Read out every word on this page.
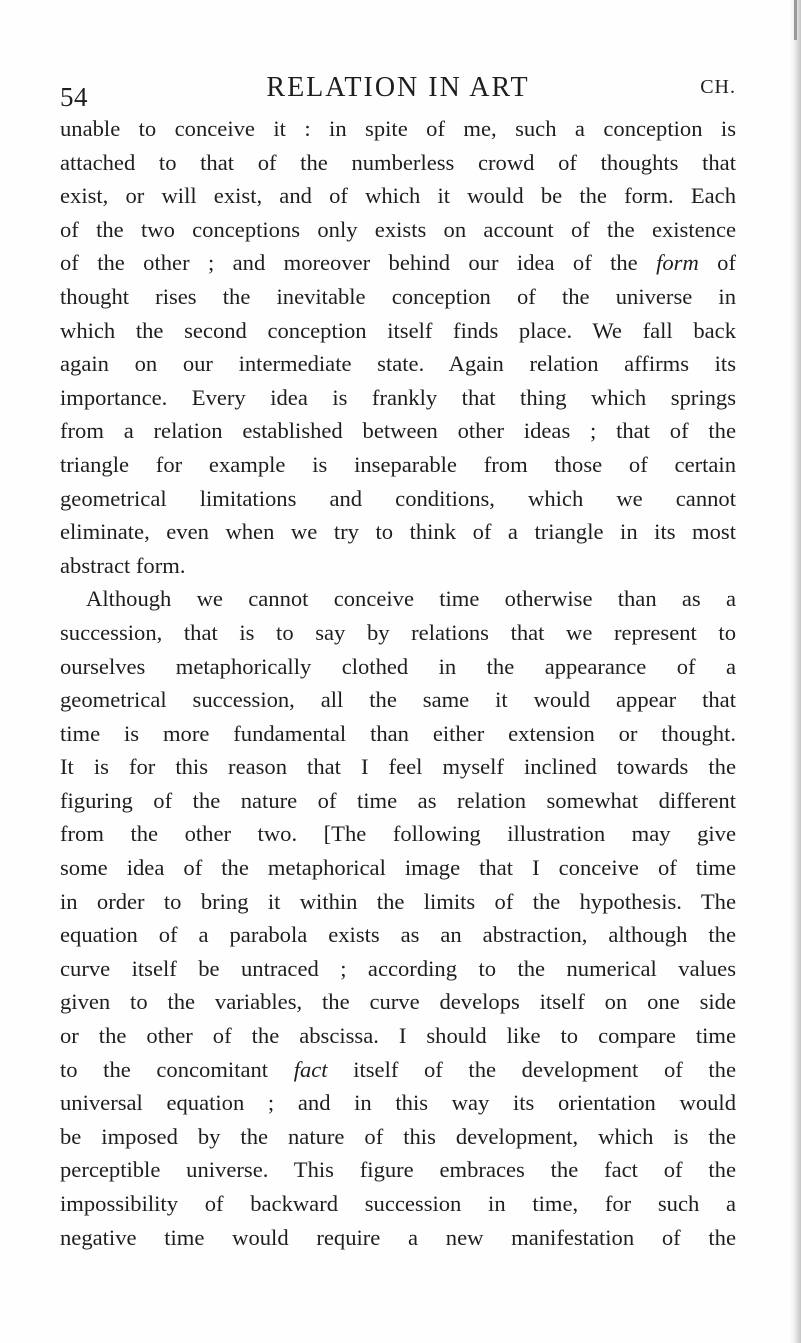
54	RELATION IN ART	CH.
unable to conceive it : in spite of me, such a conception is
attached to that of the numberless crowd of thoughts that
exist, or will exist, and of which it would be the form. Each
of the two conceptions only exists on account of the existence
of the other ; and moreover behind our idea of the form of
thought rises the inevitable conception of the universe in
which the second conception itself finds place. We fall back
again on our intermediate state. Again relation affirms its
importance. Every idea is frankly that thing which springs
from a relation established between other ideas ; that of the
triangle for example is inseparable from those of certain
geometrical limitations and conditions, which we cannot
eliminate, even when we try to think of a triangle in its most
abstract form.
Although we cannot conceive time otherwise than as a
succession, that is to say by relations that we represent to
ourselves metaphorically clothed in the appearance of a
geometrical succession, all the same it would appear that
time is more fundamental than either extension or thought.
It is for this reason that I feel myself inclined towards the
figuring of the nature of time as relation somewhat different
from the other two. [The following illustration may give
some idea of the metaphorical image that I conceive of time
in order to bring it within the limits of the hypothesis. The
equation of a parabola exists as an abstraction, although the
curve itself be untraced ; according to the numerical values
given to the variables, the curve develops itself on one side
or the other of the abscissa. I should like to compare time
to the concomitant fact itself of the development of the
universal equation ; and in this way its orientation would
be imposed by the nature of this development, which is the
perceptible universe. This figure embraces the fact of the
impossibility of backward succession in time, for such a
negative time would require a new manifestation of the
